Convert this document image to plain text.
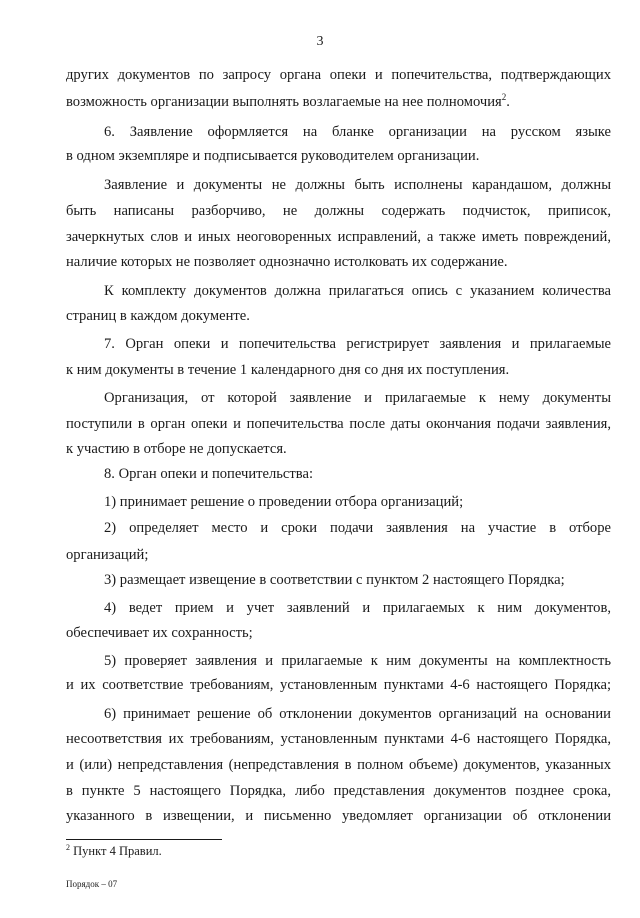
3
других документов по запросу органа опеки и попечительства, подтверждающих
возможность организации выполнять возлагаемые на нее полномочия$^2$.
6. Заявление оформляется на бланке организации на русском языке
в одном экземпляре и подписывается руководителем организации.
Заявление и документы не должны быть исполнены карандашом, должны
быть написаны разборчиво, не должны содержать подчисток, приписок,
зачеркнутых слов и иных неоговоренных исправлений, а также иметь повреждений,
наличие которых не позволяет однозначно истолковать их содержание.
К комплекту документов должна прилагаться опись с указанием количества
страниц в каждом документе.
7. Орган опеки и попечительства регистрирует заявления и прилагаемые
к ним документы в течение 1 календарного дня со дня их поступления.
Организация, от которой заявление и прилагаемые к нему документы
поступили в орган опеки и попечительства после даты окончания подачи заявления,
к участию в отборе не допускается.
8. Орган опеки и попечительства:
1) принимает решение о проведении отбора организаций;
2) определяет место и сроки подачи заявления на участие в отборе
организаций;
3) размещает извещение в соответствии с пунктом 2 настоящего Порядка;
4) ведет прием и учет заявлений и прилагаемых к ним документов,
обеспечивает их сохранность;
5) проверяет заявления и прилагаемые к ним документы на комплектность
и их соответствие требованиям, установленным пунктами 4-6 настоящего Порядка;
6) принимает решение об отклонении документов организаций на основании
несоответствия их требованиям, установленным пунктами 4-6 настоящего Порядка,
и (или) непредставления (непредставления в полном объеме) документов, указанных
в пункте 5 настоящего Порядка, либо представления документов позднее срока,
указанного в извещении, и письменно уведомляет организации об отклонении
$^2$ Пункт 4 Правил.
Порядок – 07
